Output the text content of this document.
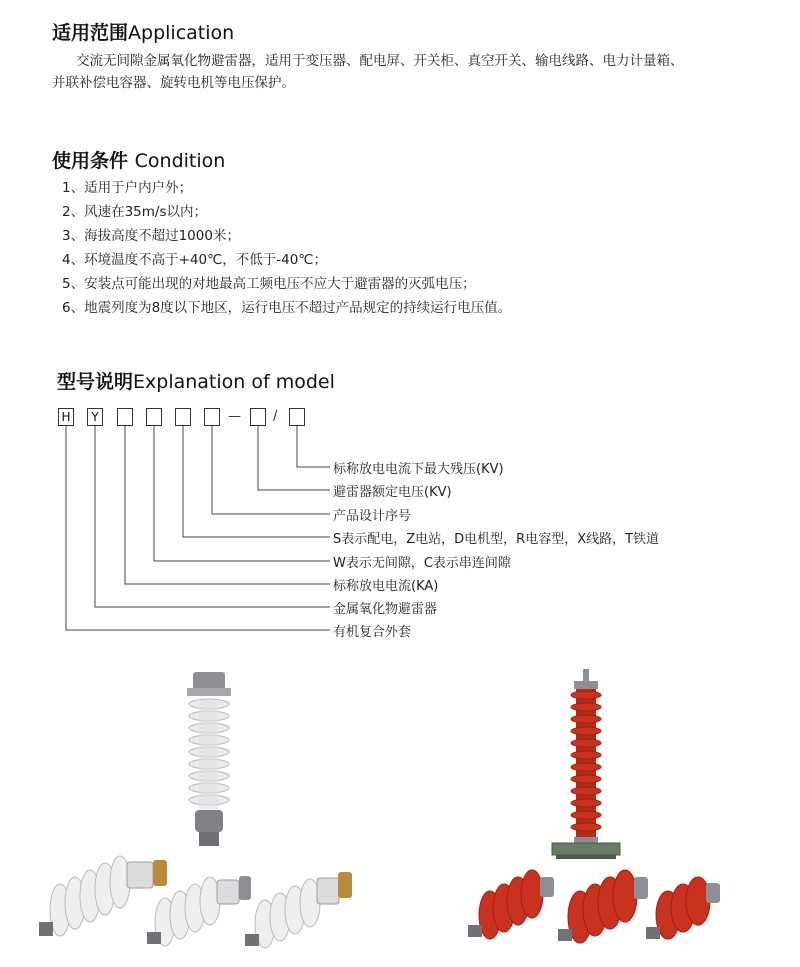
适用范围Application
交流无间隙金属氧化物避雷器，适用于变压器、配电屏、开关柜、真空开关、输电线路、电力计量箱、
并联补偿电容器、旋转电机等电压保护。
使用条件 Condition
1、适用于户内户外；
2、风速在35m/s以内；
3、海拔高度不超过1000米；
4、环境温度不高于+40℃，不低于-40℃；
5、安装点可能出现的对地最高工频电压不应大于避雷器的灭弧电压；
6、地震列度为8度以下地区，运行电压不超过产品规定的持续运行电压值。
型号说明Explanation of model
H	Y	— /
标称放电电流下最大残压(KV)
避雷器额定电压(KV)
产品设计序号
S表示配电，Z电站，D电机型，R电容型，X线路，T铁道
W表示无间隙，C表示串连间隙
标称放电电流(KA)
金属氧化物避雷器
有机复合外套
